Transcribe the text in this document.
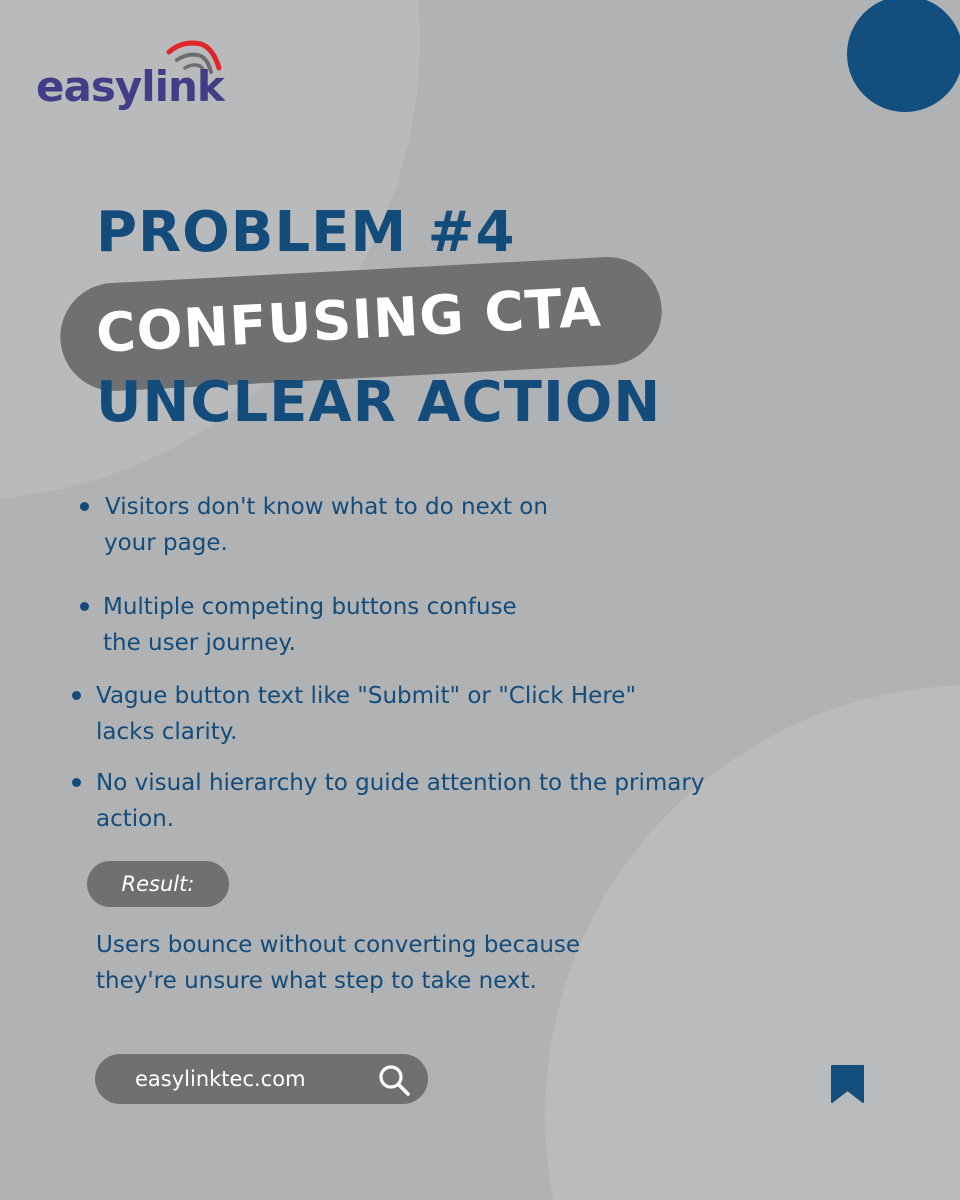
easylink
PROBLEM #4
CONFUSING CTA
UNCLEAR ACTION
Visitors don't know what to do next on
your page.
Multiple competing buttons confuse
the user journey.
Vague button text like "Submit" or "Click Here"
lacks clarity.
No visual hierarchy to guide attention to the primary
action.
Result:
Users bounce without converting because
they're unsure what step to take next.
easylinktec.com
